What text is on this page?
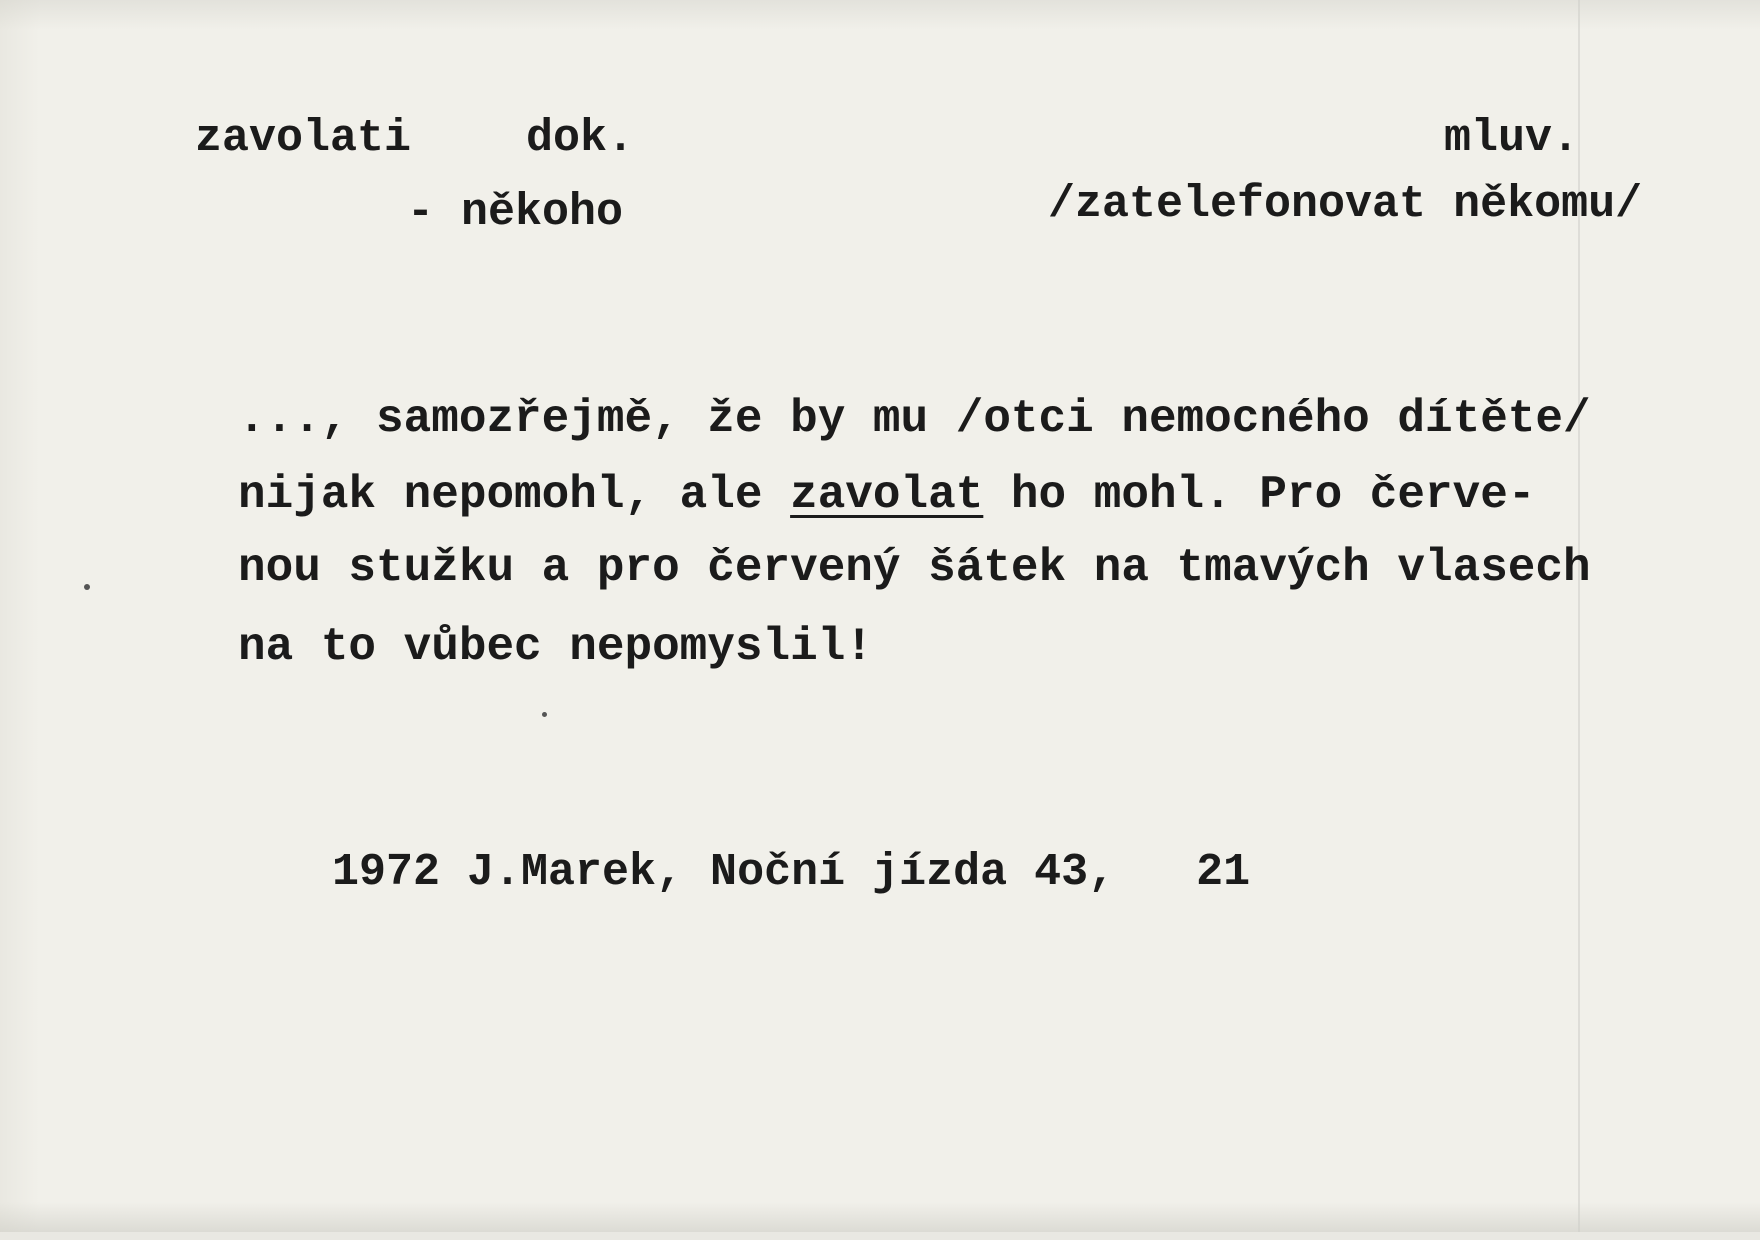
zavolati	dok.	mluv.
- někoho	/zatelefonovat někomu/
..., samozřejmě, že by mu /otci nemocného dítěte/
nijak nepomohl, ale zavolat ho mohl. Pro červe-
nou stužku a pro červený šátek na tmavých vlasech
na to vůbec nepomyslil!
1972 J.Marek, Noční jízda 43,   21
